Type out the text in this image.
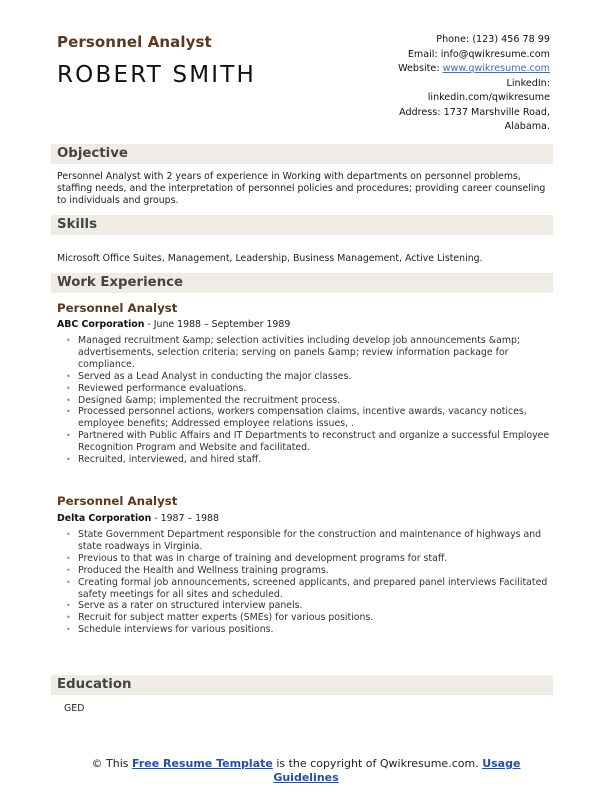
Personnel Analyst
ROBERT SMITH
Phone: (123) 456 78 99
Email: info@qwikresume.com
Website: www.qwikresume.com
LinkedIn:
linkedin.com/qwikresume
Address: 1737 Marshville Road,
Alabama.
Objective
Personnel Analyst with 2 years of experience in Working with departments on personnel problems, staffing needs, and the interpretation of personnel policies and procedures; providing career counseling to individuals and groups.
Skills
Microsoft Office Suites, Management, Leadership, Business Management, Active Listening.
Work Experience
Personnel Analyst
ABC Corporation - June 1988 – September 1989
• Managed recruitment &amp; selection activities including develop job announcements &amp; advertisements, selection criteria; serving on panels &amp; review information package for compliance.
• Served as a Lead Analyst in conducting the major classes.
• Reviewed performance evaluations.
• Designed &amp; implemented the recruitment process.
• Processed personnel actions, workers compensation claims, incentive awards, vacancy notices, employee benefits; Addressed employee relations issues, .
• Partnered with Public Affairs and IT Departments to reconstruct and organize a successful Employee Recognition Program and Website and facilitated.
• Recruited, interviewed, and hired staff.
Personnel Analyst
Delta Corporation - 1987 – 1988
• State Government Department responsible for the construction and maintenance of highways and state roadways in Virginia.
• Previous to that was in charge of training and development programs for staff.
• Produced the Health and Wellness training programs.
• Creating formal job announcements, screened applicants, and prepared panel interviews Facilitated safety meetings for all sites and scheduled.
• Serve as a rater on structured interview panels.
• Recruit for subject matter experts (SMEs) for various positions.
• Schedule interviews for various positions.
Education
GED
© This Free Resume Template is the copyright of Qwikresume.com. Usage Guidelines
